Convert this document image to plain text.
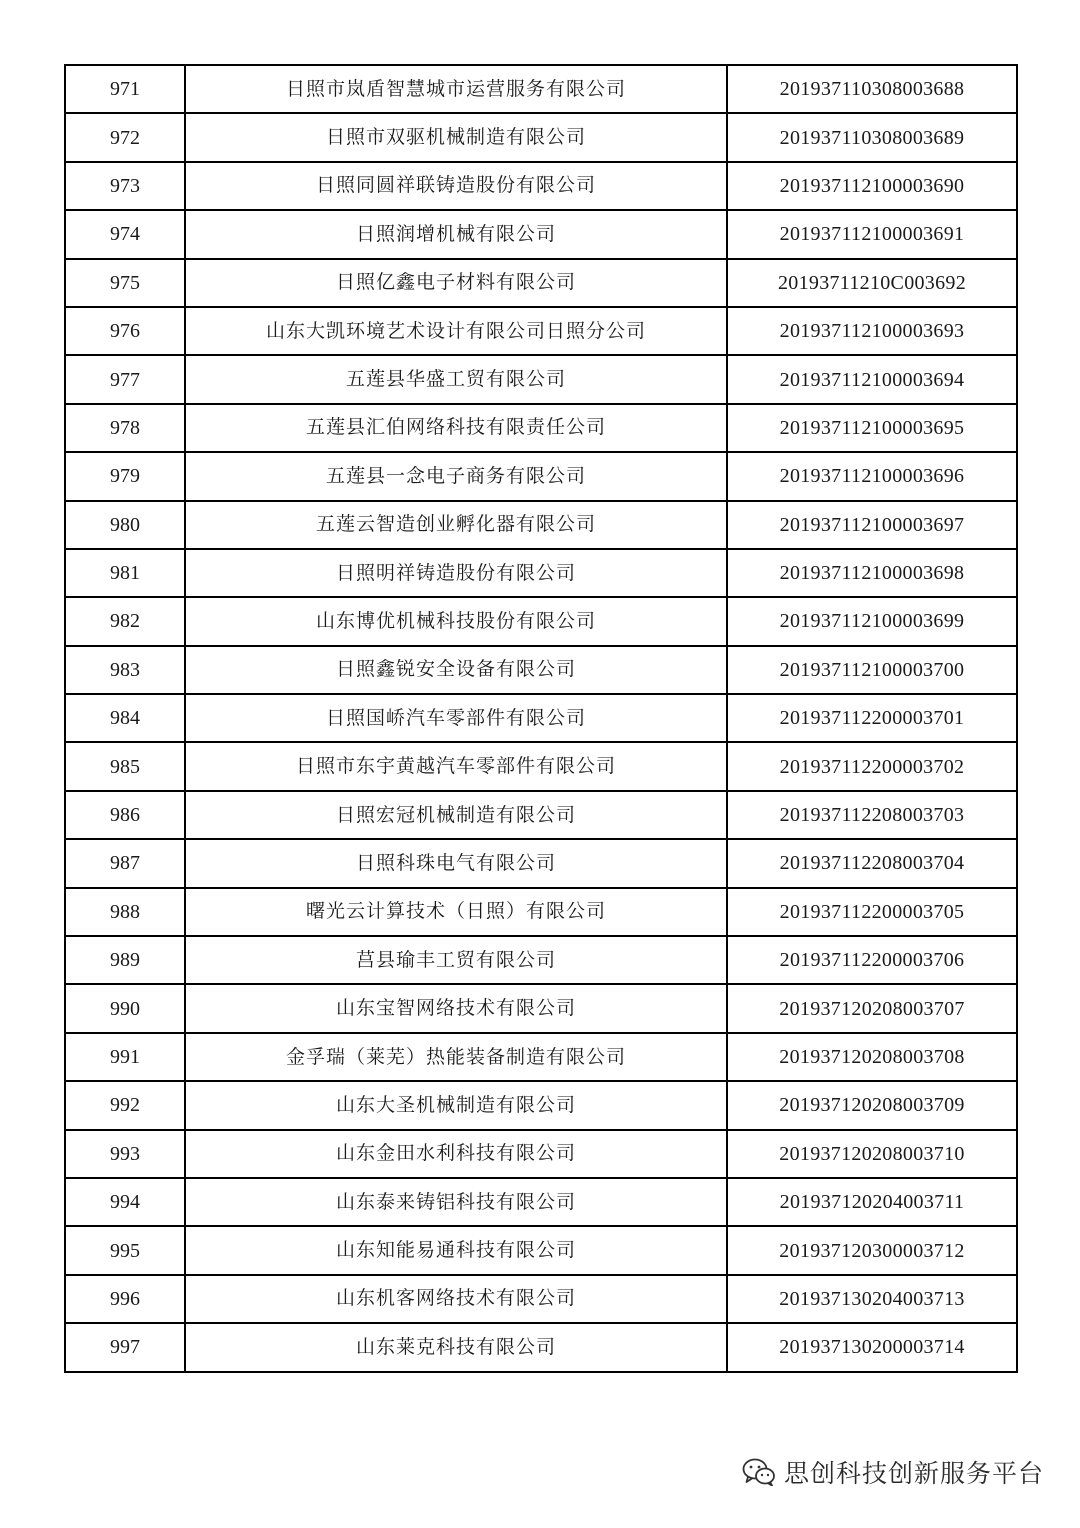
971	日照市岚盾智慧城市运营服务有限公司	201937110308003688
972	日照市双驱机械制造有限公司	201937110308003689
973	日照同圆祥联铸造股份有限公司	201937112100003690
974	日照润增机械有限公司	201937112100003691
975	日照亿鑫电子材料有限公司	20193711210C003692
976	山东大凯环境艺术设计有限公司日照分公司	201937112100003693
977	五莲县华盛工贸有限公司	201937112100003694
978	五莲县汇伯网络科技有限责任公司	201937112100003695
979	五莲县一念电子商务有限公司	201937112100003696
980	五莲云智造创业孵化器有限公司	201937112100003697
981	日照明祥铸造股份有限公司	201937112100003698
982	山东博优机械科技股份有限公司	201937112100003699
983	日照鑫锐安全设备有限公司	201937112100003700
984	日照国峤汽车零部件有限公司	201937112200003701
985	日照市东宇黄越汽车零部件有限公司	201937112200003702
986	日照宏冠机械制造有限公司	201937112208003703
987	日照科珠电气有限公司	201937112208003704
988	曙光云计算技术（日照）有限公司	201937112200003705
989	莒县瑜丰工贸有限公司	201937112200003706
990	山东宝智网络技术有限公司	201937120208003707
991	金孚瑞（莱芜）热能装备制造有限公司	201937120208003708
992	山东大圣机械制造有限公司	201937120208003709
993	山东金田水利科技有限公司	201937120208003710
994	山东泰来铸铝科技有限公司	201937120204003711
995	山东知能易通科技有限公司	201937120300003712
996	山东机客网络技术有限公司	201937130204003713
997	山东莱克科技有限公司	201937130200003714
思创科技创新服务平台
